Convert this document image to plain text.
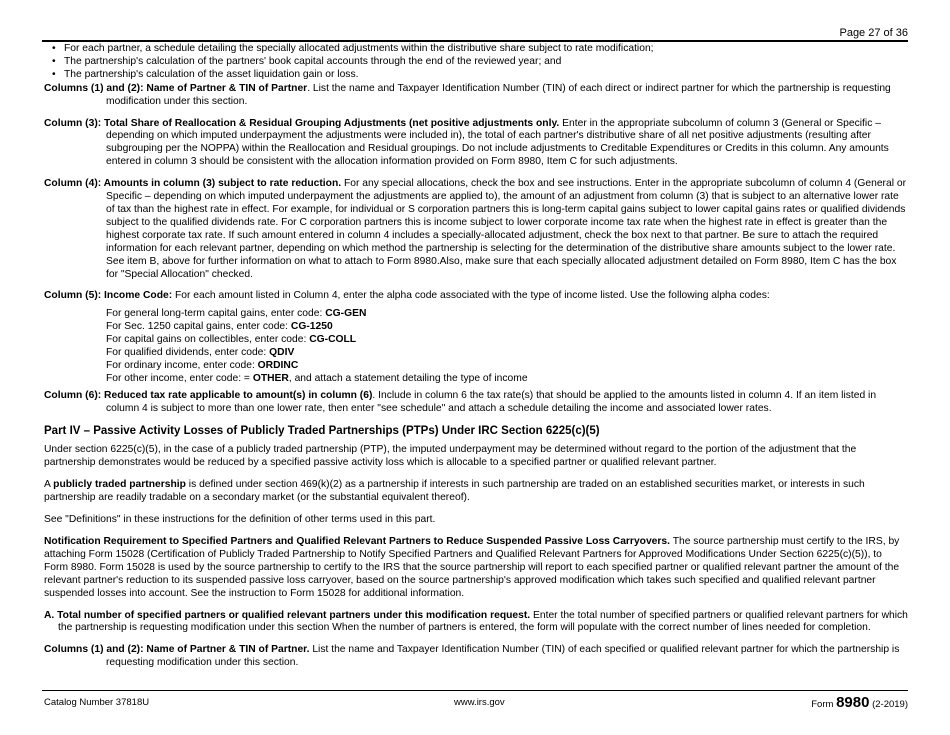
Page 27 of 36
• For each partner, a schedule detailing the specially allocated adjustments within the distributive share subject to rate modification;
• The partnership's calculation of the partners' book capital accounts through the end of the reviewed year; and
• The partnership's calculation of the asset liquidation gain or loss.
Columns (1) and (2): Name of Partner & TIN of Partner. List the name and Taxpayer Identification Number (TIN) of each direct or indirect partner for which the partnership is requesting modification under this section.
Column (3): Total Share of Reallocation & Residual Grouping Adjustments (net positive adjustments only. Enter in the appropriate subcolumn of column 3 (General or Specific – depending on which imputed underpayment the adjustments were included in), the total of each partner's distributive share of all net positive adjustments (resulting after subgrouping per the NOPPA) within the Reallocation and Residual groupings. Do not include adjustments to Creditable Expenditures or Credits in this column. Any amounts entered in column 3 should be consistent with the allocation information provided on Form 8980, Item C for such adjustments.
Column (4): Amounts in column (3) subject to rate reduction. For any special allocations, check the box and see instructions. Enter in the appropriate subcolumn of column 4 (General or Specific – depending on which imputed underpayment the adjustments are applied to), the amount of an adjustment from column (3) that is subject to an alternative lower rate of tax than the highest rate in effect. For example, for individual or S corporation partners this is long-term capital gains subject to lower capital gains rates or qualified dividends subject to the qualified dividends rate. For C corporation partners this is income subject to lower corporate income tax rate when the highest rate in effect is greater than the highest corporate tax rate. If such amount entered in column 4 includes a specially-allocated adjustment, check the box next to that partner. Be sure to attach the required information for each relevant partner, depending on which method the partnership is selecting for the determination of the distributive share amounts subject to the lower rate. See item B, above for further information on what to attach to Form 8980.Also, make sure that each specially allocated adjustment detailed on Form 8980, Item C has the box for "Special Allocation" checked.
Column (5): Income Code: For each amount listed in Column 4, enter the alpha code associated with the type of income listed. Use the following alpha codes:
For general long-term capital gains, enter code: CG-GEN
For Sec. 1250 capital gains, enter code: CG-1250
For capital gains on collectibles, enter code: CG-COLL
For qualified dividends, enter code: QDIV
For ordinary income, enter code: ORDINC
For other income, enter code: = OTHER, and attach a statement detailing the type of income
Column (6): Reduced tax rate applicable to amount(s) in column (6). Include in column 6 the tax rate(s) that should be applied to the amounts listed in column 4. If an item listed in column 4 is subject to more than one lower rate, then enter "see schedule" and attach a schedule detailing the income and associated lower rates.
Part IV – Passive Activity Losses of Publicly Traded Partnerships (PTPs) Under IRC Section 6225(c)(5)

Under section 6225(c)(5), in the case of a publicly traded partnership (PTP), the imputed underpayment may be determined without regard to the portion of the adjustment that the partnership demonstrates would be reduced by a specified passive activity loss which is allocable to a specified partner or qualified relevant partner.

A publicly traded partnership is defined under section 469(k)(2) as a partnership if interests in such partnership are traded on an established securities market, or interests in such partnership are readily tradable on a secondary market (or the substantial equivalent thereof).

See "Definitions" in these instructions for the definition of other terms used in this part.

Notification Requirement to Specified Partners and Qualified Relevant Partners to Reduce Suspended Passive Loss Carryovers. The source partnership must certify to the IRS, by attaching Form 15028 (Certification of Publicly Traded Partnership to Notify Specified Partners and Qualified Relevant Partners for Approved Modifications Under Section 6225(c)(5)), to Form 8980. Form 15028 is used by the source partnership to certify to the IRS that the source partnership will report to each specified partner or qualified relevant partner the amount of the relevant partner's reduction to its suspended passive loss carryover, based on the source partnership's approved modification which takes such specified and qualified relevant partner suspended losses into account. See the instruction to Form 15028 for additional information.

A. Total number of specified partners or qualified relevant partners under this modification request. Enter the total number of specified partners or qualified relevant partners for which the partnership is requesting modification under this section When the number of partners is entered, the form will populate with the correct number of lines needed for completion.
Columns (1) and (2): Name of Partner & TIN of Partner. List the name and Taxpayer Identification Number (TIN) of each specified or qualified relevant partner for which the partnership is requesting modification under this section.
Catalog Number 37818U	www.irs.gov	Form 8980 (2-2019)
